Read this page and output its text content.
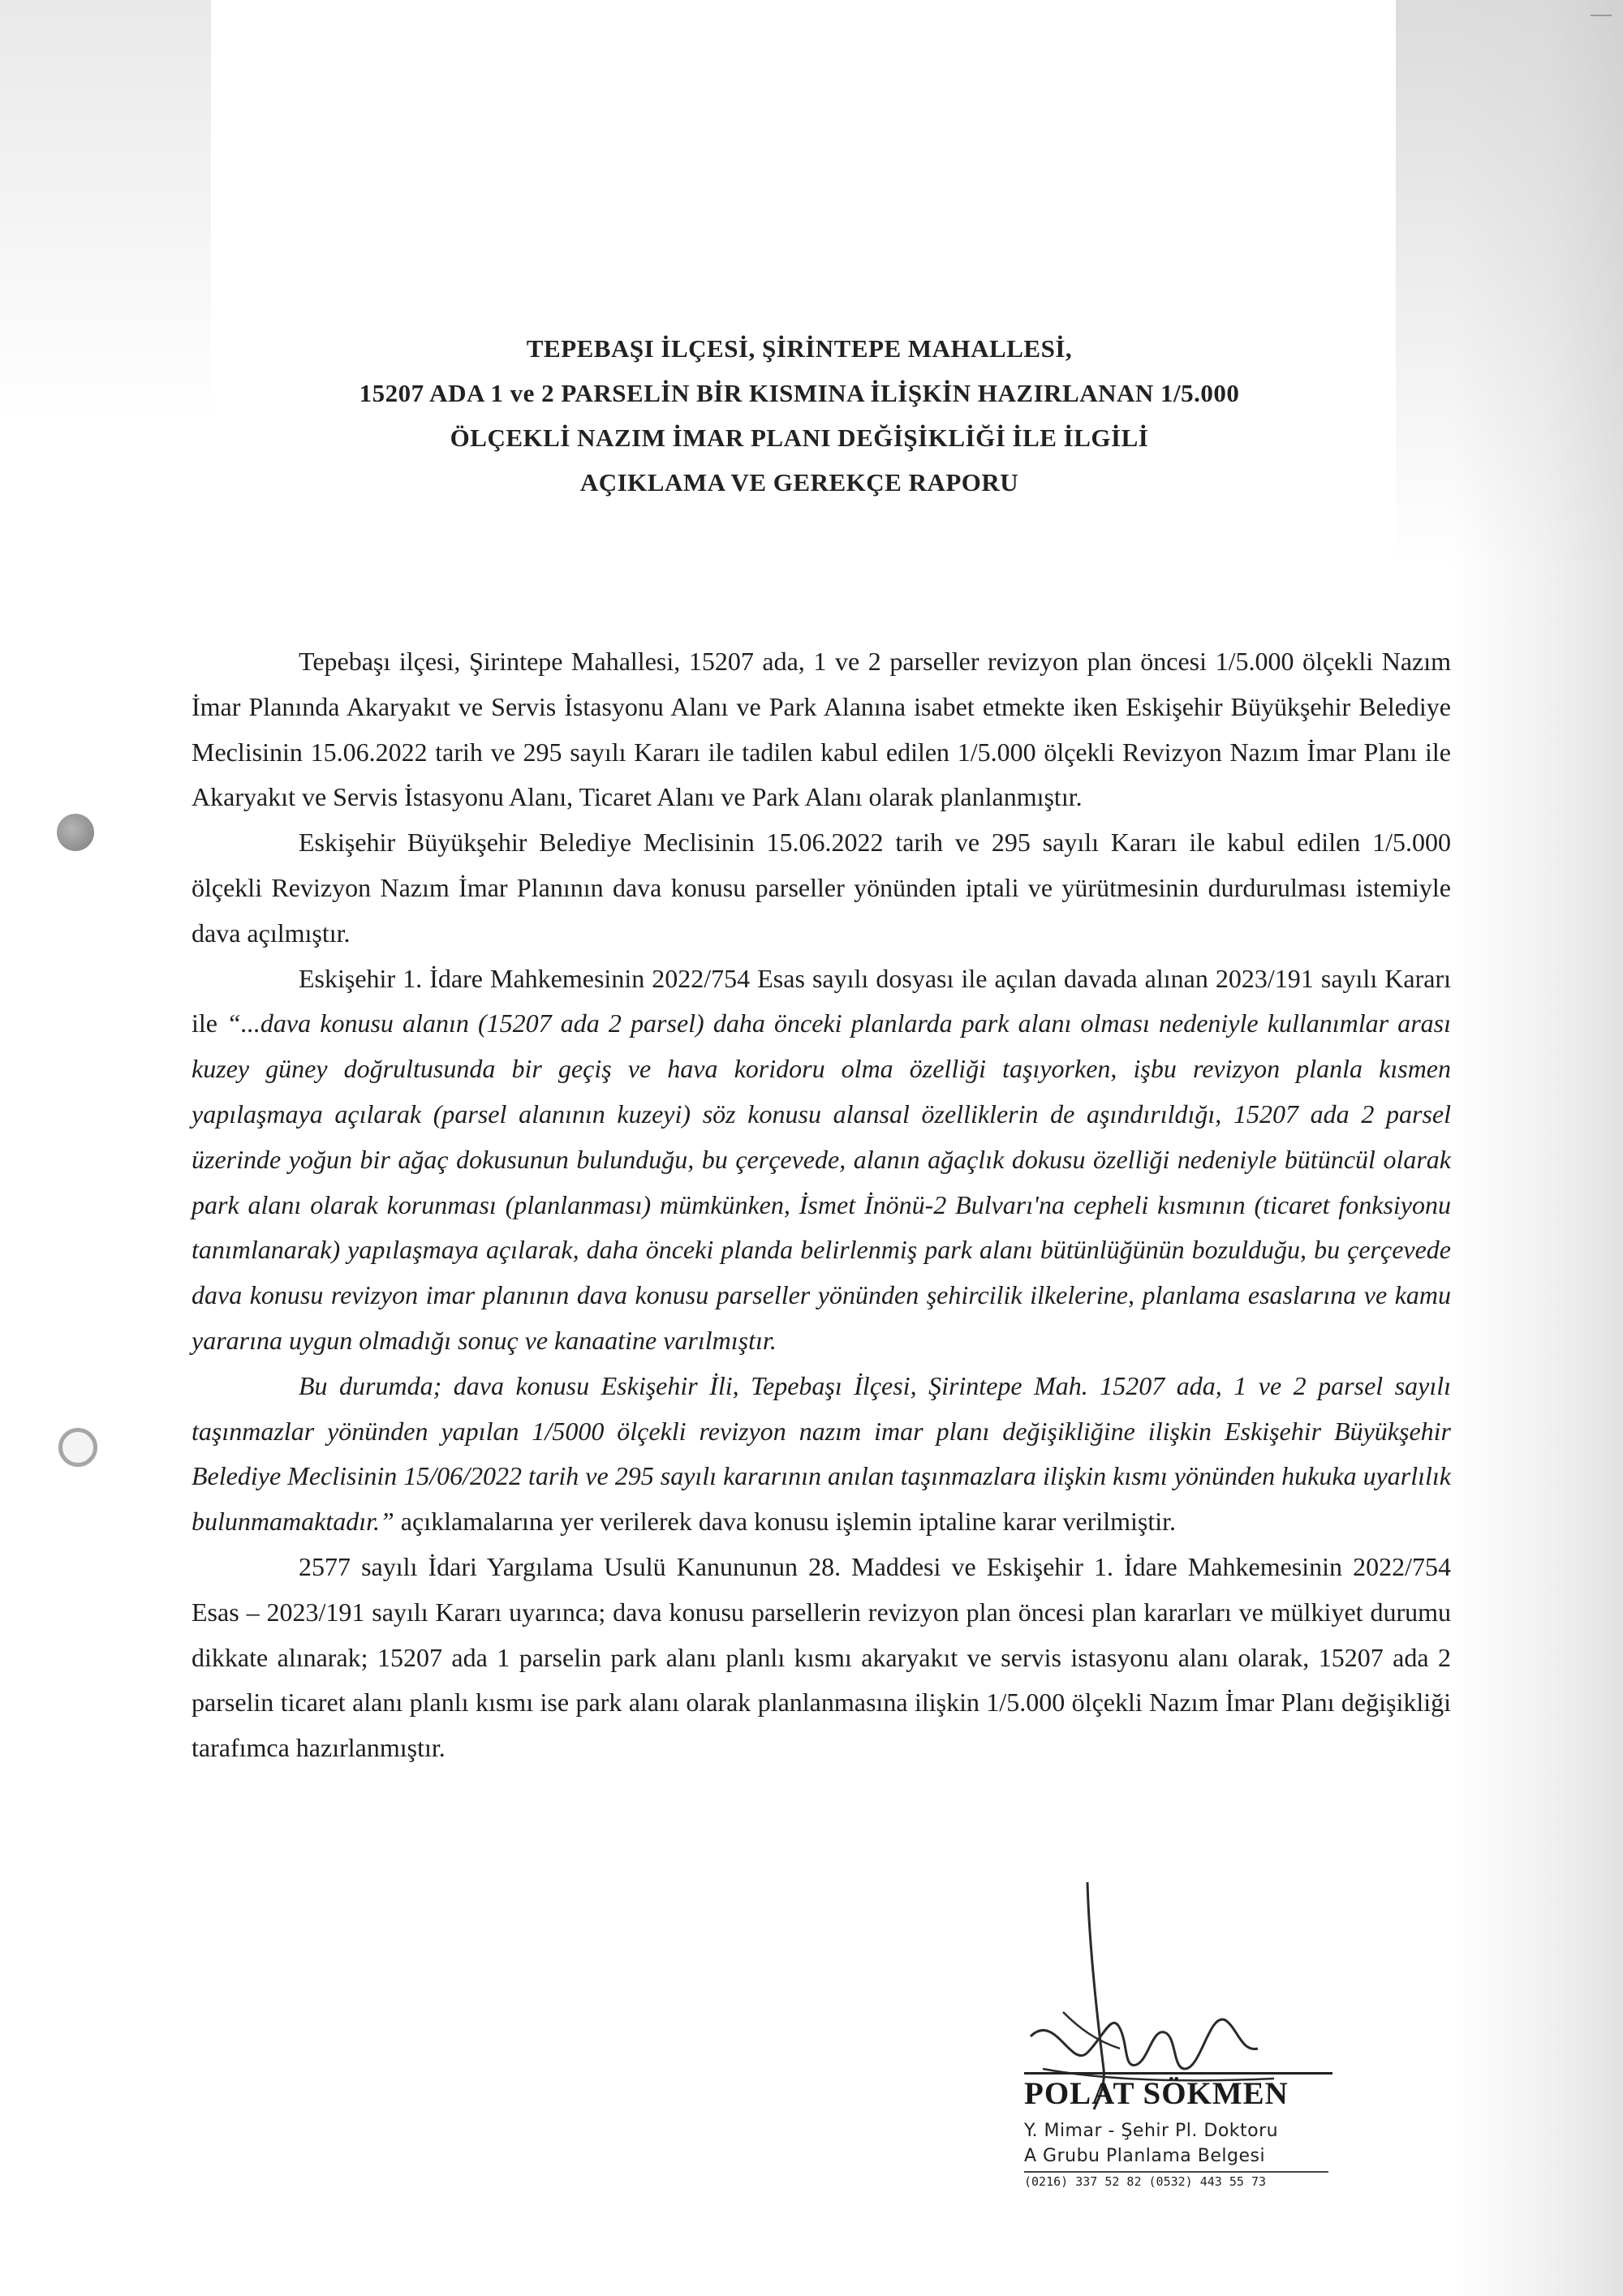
TEPEBAŞI İLÇESİ, ŞİRİNTEPE MAHALLESİ,
15207 ADA 1 ve 2 PARSELİN BİR KISMINA İLİŞKİN HAZIRLANAN 1/5.000
ÖLÇEKLİ NAZIM İMAR PLANI DEĞİŞİKLİĞİ İLE İLGİLİ
AÇIKLAMA VE GEREKÇE RAPORU

Tepebaşı ilçesi, Şirintepe Mahallesi, 15207 ada, 1 ve 2 parseller revizyon plan öncesi 1/5.000 ölçekli Nazım İmar Planında Akaryakıt ve Servis İstasyonu Alanı ve Park Alanına isabet etmekte iken Eskişehir Büyükşehir Belediye Meclisinin 15.06.2022 tarih ve 295 sayılı Kararı ile tadilen kabul edilen 1/5.000 ölçekli Revizyon Nazım İmar Planı ile Akaryakıt ve Servis İstasyonu Alanı, Ticaret Alanı ve Park Alanı olarak planlanmıştır.

Eskişehir Büyükşehir Belediye Meclisinin 15.06.2022 tarih ve 295 sayılı Kararı ile kabul edilen 1/5.000 ölçekli Revizyon Nazım İmar Planının dava konusu parseller yönünden iptali ve yürütmesinin durdurulması istemiyle dava açılmıştır.

Eskişehir 1. İdare Mahkemesinin 2022/754 Esas sayılı dosyası ile açılan davada alınan 2023/191 sayılı Kararı ile “...dava konusu alanın (15207 ada 2 parsel) daha önceki planlarda park alanı olması nedeniyle kullanımlar arası kuzey güney doğrultusunda bir geçiş ve hava koridoru olma özelliği taşıyorken, işbu revizyon planla kısmen yapılaşmaya açılarak (parsel alanının kuzeyi) söz konusu alansal özelliklerin de aşındırıldığı, 15207 ada 2 parsel üzerinde yoğun bir ağaç dokusunun bulunduğu, bu çerçevede, alanın ağaçlık dokusu özelliği nedeniyle bütüncül olarak park alanı olarak korunması (planlanması) mümkünken, İsmet İnönü-2 Bulvarı'na cepheli kısmının (ticaret fonksiyonu tanımlanarak) yapılaşmaya açılarak, daha önceki planda belirlenmiş park alanı bütünlüğünün bozulduğu, bu çerçevede dava konusu revizyon imar planının dava konusu parseller yönünden şehircilik ilkelerine, planlama esaslarına ve kamu yararına uygun olmadığı sonuç ve kanaatine varılmıştır.

Bu durumda; dava konusu Eskişehir İli, Tepebaşı İlçesi, Şirintepe Mah. 15207 ada, 1 ve 2 parsel sayılı taşınmazlar yönünden yapılan 1/5000 ölçekli revizyon nazım imar planı değişikliğine ilişkin Eskişehir Büyükşehir Belediye Meclisinin 15/06/2022 tarih ve 295 sayılı kararının anılan taşınmazlara ilişkin kısmı yönünden hukuka uyarlılık bulunmamaktadır.” açıklamalarına yer verilerek dava konusu işlemin iptaline karar verilmiştir.

2577 sayılı İdari Yargılama Usulü Kanununun 28. Maddesi ve Eskişehir 1. İdare Mahkemesinin 2022/754 Esas – 2023/191 sayılı Kararı uyarınca; dava konusu parsellerin revizyon plan öncesi plan kararları ve mülkiyet durumu dikkate alınarak; 15207 ada 1 parselin park alanı planlı kısmı akaryakıt ve servis istasyonu alanı olarak, 15207 ada 2 parselin ticaret alanı planlı kısmı ise park alanı olarak planlanmasına ilişkin 1/5.000 ölçekli Nazım İmar Planı değişikliği tarafımca hazırlanmıştır.

POLAT SÖKMEN
Y. Mimar - Şehir Pl. Doktoru
A Grubu Planlama Belgesi
(0216) 337 52 82 (0532) 443 55 73
